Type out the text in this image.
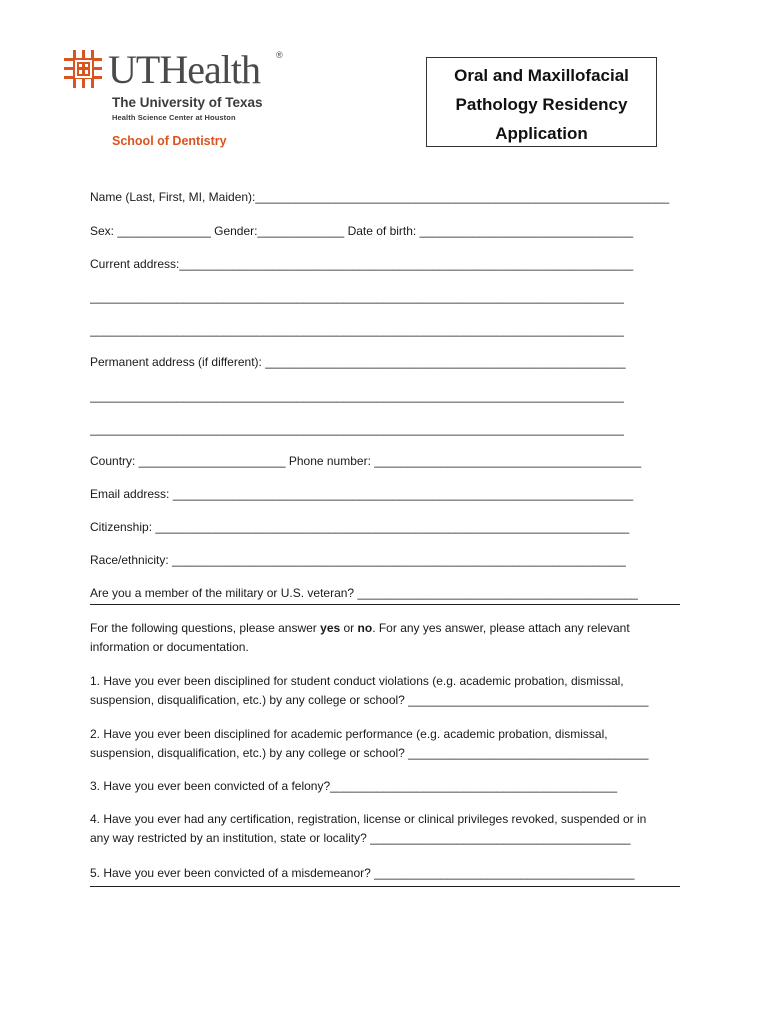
UTHealth ®
The University of Texas
Health Science Center at Houston
School of Dentistry
Oral and Maxillofacial
Pathology Residency
Application
Name (Last, First, MI, Maiden):______________________________________________________________
Sex: ______________ Gender:_____________ Date of birth: ________________________________
Current address:____________________________________________________________________
________________________________________________________________________________
________________________________________________________________________________
Permanent address (if different): ______________________________________________________
________________________________________________________________________________
________________________________________________________________________________
Country: ______________________ Phone number: ________________________________________
Email address: _____________________________________________________________________
Citizenship: _______________________________________________________________________
Race/ethnicity: ____________________________________________________________________
Are you a member of the military or U.S. veteran? __________________________________________
For the following questions, please answer yes or no. For any yes answer, please attach any relevant information or documentation.
1. Have you ever been disciplined for student conduct violations (e.g. academic probation, dismissal,
suspension, disqualification, etc.) by any college or school? ____________________________________
2. Have you ever been disciplined for academic performance (e.g. academic probation, dismissal,
suspension, disqualification, etc.) by any college or school? ____________________________________
3. Have you ever been convicted of a felony?___________________________________________
4. Have you ever had any certification, registration, license or clinical privileges revoked, suspended or in
any way restricted by an institution, state or locality? _______________________________________
5. Have you ever been convicted of a misdemeanor? _______________________________________
